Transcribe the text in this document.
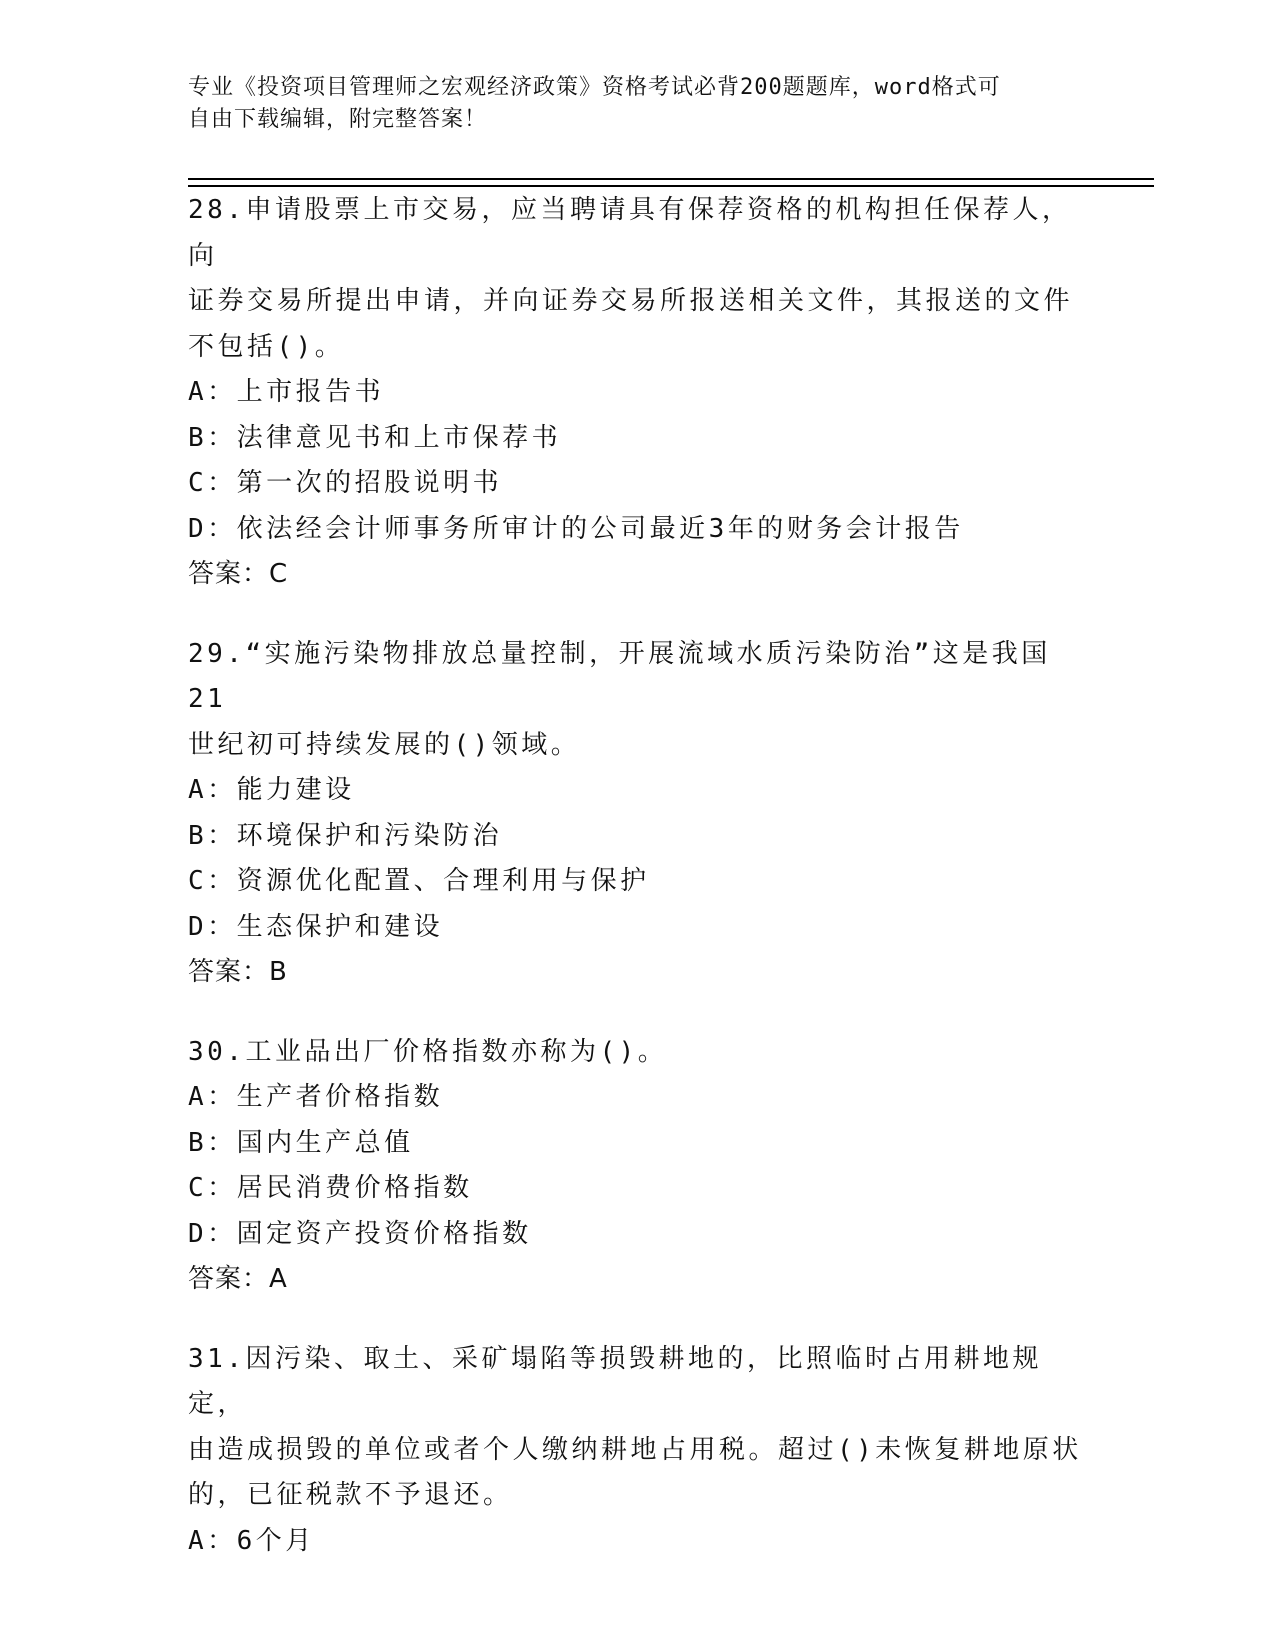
专业《投资项目管理师之宏观经济政策》资格考试必背200题题库，word格式可
自由下载编辑，附完整答案！
28.申请股票上市交易，应当聘请具有保荐资格的机构担任保荐人，向
证券交易所提出申请，并向证券交易所报送相关文件，其报送的文件
不包括()。
A：上市报告书
B：法律意见书和上市保荐书
C：第一次的招股说明书
D：依法经会计师事务所审计的公司最近3年的财务会计报告
答案：C
29.“实施污染物排放总量控制，开展流域水质污染防治”这是我国21
世纪初可持续发展的()领域。
A：能力建设
B：环境保护和污染防治
C：资源优化配置、合理利用与保护
D：生态保护和建设
答案：B
30.工业品出厂价格指数亦称为()。
A：生产者价格指数
B：国内生产总值
C：居民消费价格指数
D：固定资产投资价格指数
答案：A
31.因污染、取土、采矿塌陷等损毁耕地的，比照临时占用耕地规定，
由造成损毁的单位或者个人缴纳耕地占用税。超过()未恢复耕地原状
的，已征税款不予退还。
A：6个月
